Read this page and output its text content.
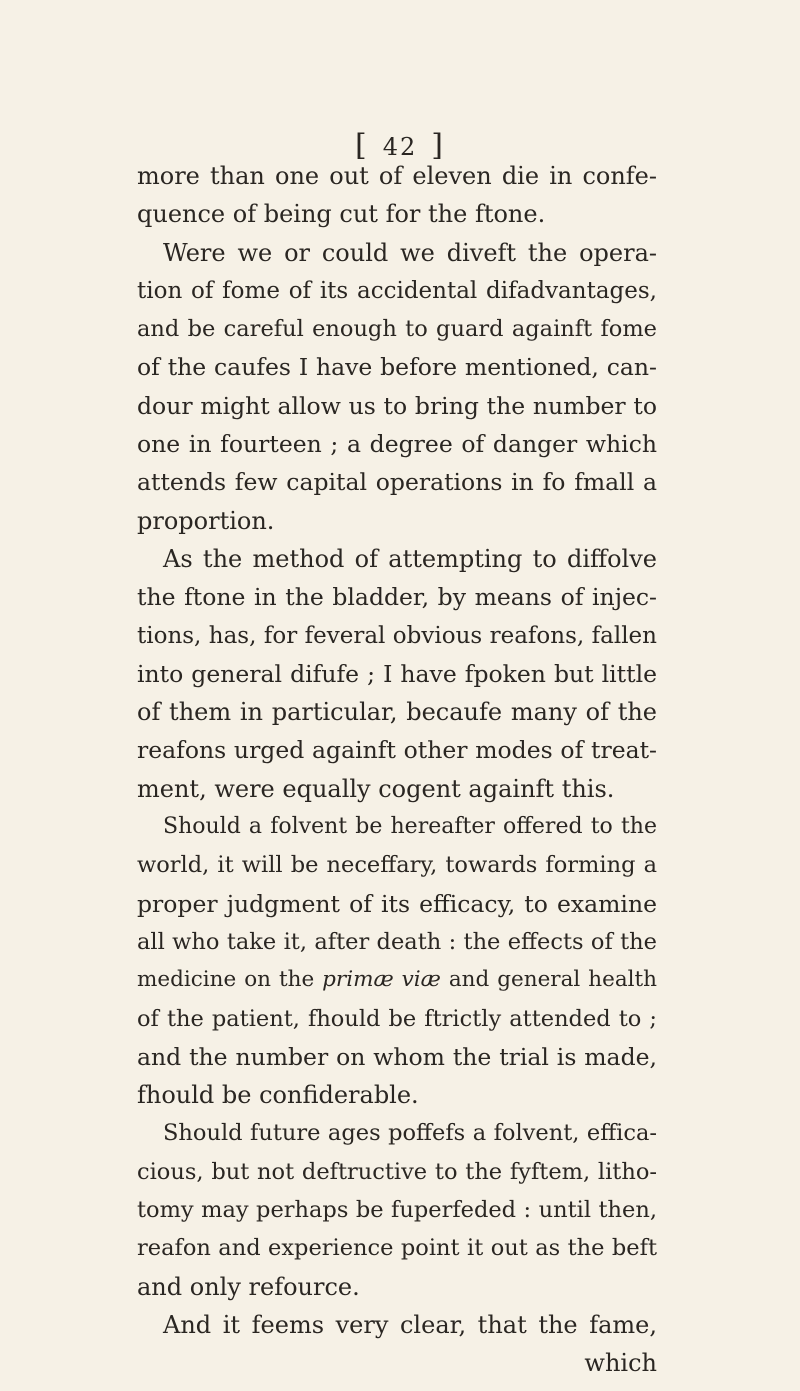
[ 42 ]
more than one out of eleven die in confe-
quence of being cut for the ftone.
Were we or could we diveft the opera-
tion of fome of its accidental difadvantages,
and be careful enough to guard againft fome
of the caufes I have before mentioned, can-
dour might allow us to bring the number to
one in fourteen ; a degree of danger which
attends few capital operations in fo fmall a
proportion.
As the method of attempting to diffolve
the ftone in the bladder, by means of injec-
tions, has, for feveral obvious reafons, fallen
into general difufe ; I have fpoken but little
of them in particular, becaufe many of the
reafons urged againft other modes of treat-
ment, were equally cogent againft this.
Should a folvent be hereafter offered to the
world, it will be neceffary, towards forming a
proper judgment of its efficacy, to examine
all who take it, after death : the effects of the
medicine on the primæ viæ and general health
of the patient, fhould be ftrictly attended to ;
and the number on whom the trial is made,
fhould be confiderable.
Should future ages poffefs a folvent, effica-
cious, but not deftructive to the fyftem, litho-
tomy may perhaps be fuperfeded : until then,
reafon and experience point it out as the beft
and only refource.
And it feems very clear, that the fame,
which
